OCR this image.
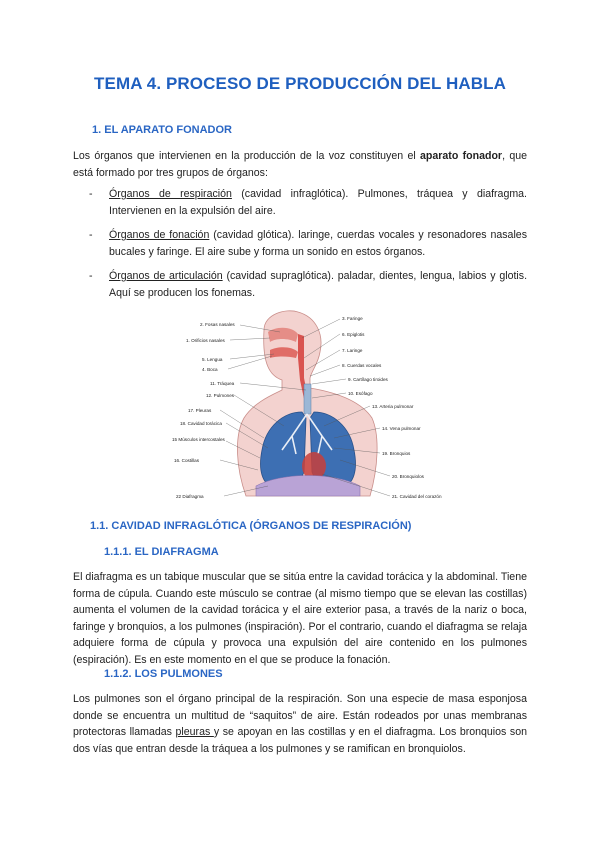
TEMA 4. PROCESO DE PRODUCCIÓN DEL HABLA

1. EL APARATO FONADOR

Los órganos que intervienen en la producción de la voz constituyen el aparato fonador, que está formado por tres grupos de órganos:

- Órganos de respiración (cavidad infraglótica). Pulmones, tráquea y diafragma. Intervienen en la expulsión del aire.
- Órganos de fonación (cavidad glótica). laringe, cuerdas vocales y resonadores nasales bucales y faringe. El aire sube y forma un sonido en estos órganos.
- Órganos de articulación (cavidad supraglótica). paladar, dientes, lengua, labios y glotis. Aquí se producen los fonemas.
2. Fosas nasales
1. Orificios nasales
5. Lengua
4. Boca
11. Tráquea
12. Pulmones
17. Pleuras
18. Cavidad torácica
15 Músculos intercostales
16. Costillas
22 Diafragma
3. Faringe
6. Epiglotis
7. Laringe
8. Cuerdas vocales
9. Cartílago tiroides
10. Esófago
13. Arteria pulmonar
14. Vena pulmonar
19. Bronquios
20. Bronquiolos
21. Cavidad del corazón

1.1. CAVIDAD INFRAGLÓTICA (ÓRGANOS DE RESPIRACIÓN)

1.1.1. EL DIAFRAGMA

El diafragma es un tabique muscular que se sitúa entre la cavidad torácica y la abdominal. Tiene forma de cúpula. Cuando este músculo se contrae (al mismo tiempo que se elevan las costillas) aumenta el volumen de la cavidad torácica y el aire exterior pasa, a través de la nariz o boca, faringe y bronquios, a los pulmones (inspiración). Por el contrario, cuando el diafragma se relaja adquiere forma de cúpula y provoca una expulsión del aire contenido en los pulmones (espiración). Es en este momento en el que se produce la fonación.

1.1.2. LOS PULMONES

Los pulmones son el órgano principal de la respiración. Son una especie de masa esponjosa donde se encuentra un multitud de “saquitos” de aire. Están rodeados por unas membranas protectoras llamadas pleuras y se apoyan en las costillas y en el diafragma. Los bronquios son dos vías que entran desde la tráquea a los pulmones y se ramifican en bronquiolos.
